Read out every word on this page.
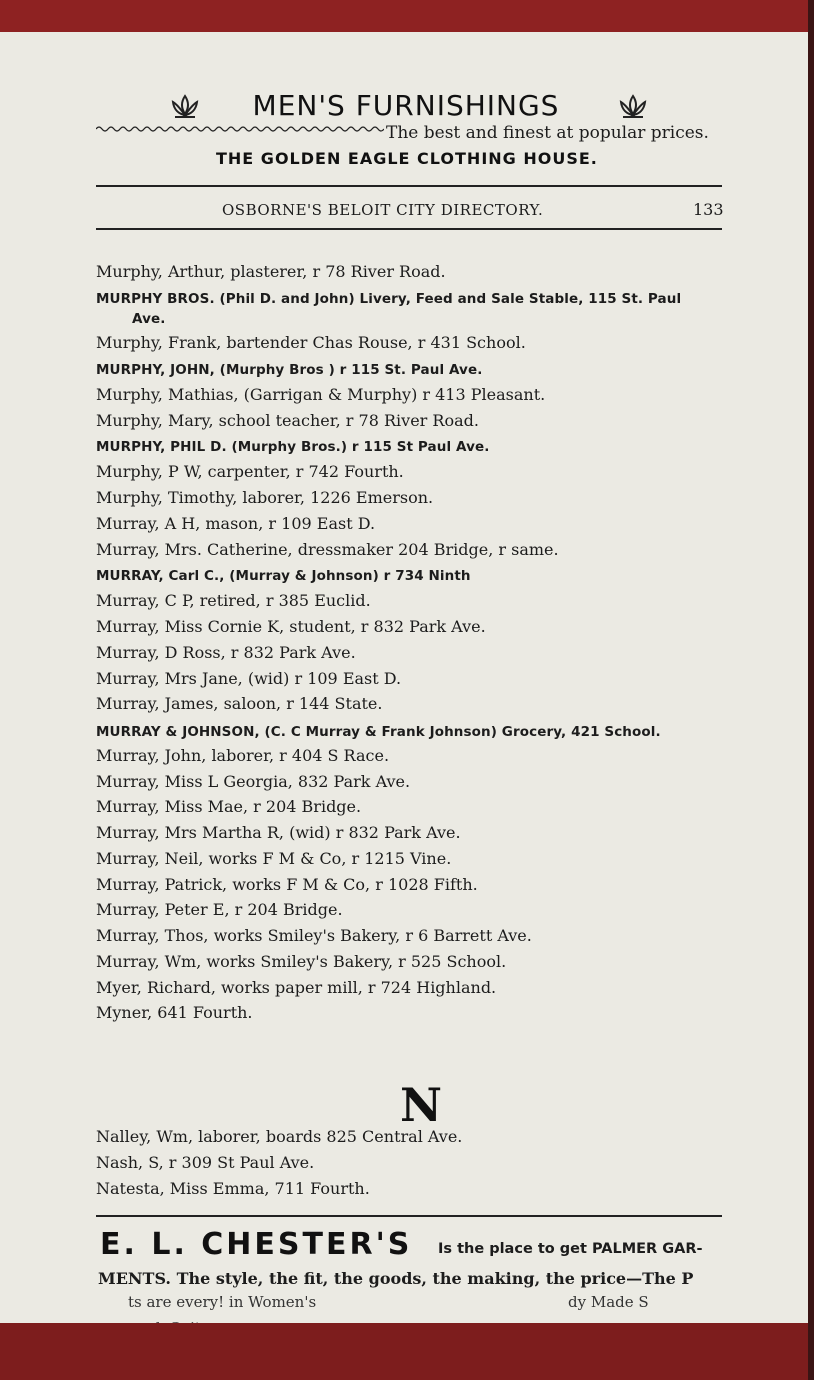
MEN'S FURNISHINGS
The best and finest at popular prices.
THE GOLDEN EAGLE CLOTHING HOUSE.
OSBORNE'S BELOIT CITY DIRECTORY.	133
Murphy, Arthur, plasterer, r 78 River Road.
MURPHY BROS. (Phil D. and John) Livery, Feed and Sale Stable, 115 St. Paul
Ave.
Murphy, Frank, bartender Chas Rouse, r 431 School.
MURPHY, JOHN, (Murphy Bros ) r 115 St. Paul Ave.
Murphy, Mathias, (Garrigan & Murphy) r 413 Pleasant.
Murphy, Mary, school teacher, r 78 River Road.
MURPHY, PHIL D. (Murphy Bros.) r 115 St Paul Ave.
Murphy, P W, carpenter, r 742 Fourth.
Murphy, Timothy, laborer, 1226 Emerson.
Murray, A H, mason, r 109 East D.
Murray, Mrs. Catherine, dressmaker 204 Bridge, r same.
MURRAY, Carl C., (Murray & Johnson) r 734 Ninth
Murray, C P, retired, r 385 Euclid.
Murray, Miss Cornie K, student, r 832 Park Ave.
Murray, D Ross, r 832 Park Ave.
Murray, Mrs Jane, (wid) r 109 East D.
Murray, James, saloon, r 144 State.
MURRAY & JOHNSON, (C. C Murray & Frank Johnson) Grocery, 421 School.
Murray, John, laborer, r 404 S Race.
Murray, Miss L Georgia, 832 Park Ave.
Murray, Miss Mae, r 204 Bridge.
Murray, Mrs Martha R, (wid) r 832 Park Ave.
Murray, Neil, works F M & Co, r 1215 Vine.
Murray, Patrick, works F M & Co, r 1028 Fifth.
Murray, Peter E, r 204 Bridge.
Murray, Thos, works Smiley's Bakery, r 6 Barrett Ave.
Murray, Wm, works Smiley's Bakery, r 525 School.
Myer, Richard, works paper mill, r 724 Highland.
Myner, 641 Fourth.
N
Nalley, Wm, laborer, boards 825 Central Ave.
Nash, S, r 309 St Paul Ave.
Natesta, Miss Emma, 711 Fourth.
E. L. CHESTER'S Is the place to get PALMER GAR-
MENTS. The style, the fit, the goods, the making, the price—The P
ts are every! in Women's	dy Made S
